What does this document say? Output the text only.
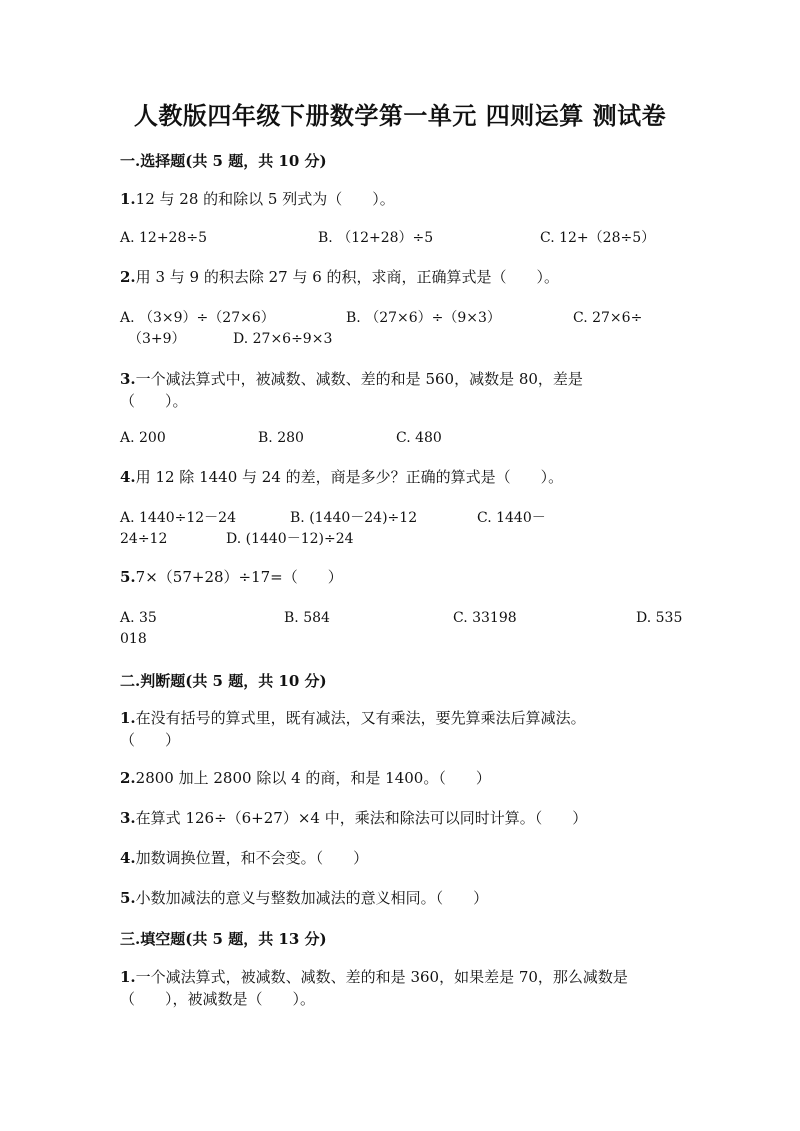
人教版四年级下册数学第一单元 四则运算 测试卷
一.选择题(共 5 题，共 10 分)
1.12 与 28 的和除以 5 列式为（　　）。
A. 12+28÷5	B. （12+28）÷5	C. 12+（28÷5）
2.用 3 与 9 的积去除 27 与 6 的积，求商，正确算式是（　　）。
A. （3×9）÷（27×6）	B. （27×6）÷（9×3）	C. 27×6÷
（3+9）	D. 27×6÷9×3
3.一个减法算式中，被减数、减数、差的和是 560，减数是 80，差是
（　　）。
A. 200	B. 280	C. 480
4.用 12 除 1440 与 24 的差，商是多少？正确的算式是（　　）。
A. 1440÷12－24	B. (1440－24)÷12	C. 1440－
24÷12	D. (1440－12)÷24
5.7×（57+28）÷17=（　　）
A. 35	B. 584	C. 33198	D. 535
018
二.判断题(共 5 题，共 10 分)
1.在没有括号的算式里，既有减法，又有乘法，要先算乘法后算减法。
（　　）
2.2800 加上 2800 除以 4 的商，和是 1400。（　　）
3.在算式 126÷（6+27）×4 中，乘法和除法可以同时计算。（　　）
4.加数调换位置，和不会变。（　　）
5.小数加减法的意义与整数加减法的意义相同。（　　）
三.填空题(共 5 题，共 13 分)
1.一个减法算式，被减数、减数、差的和是 360，如果差是 70，那么减数是
（　　），被减数是（　　）。
